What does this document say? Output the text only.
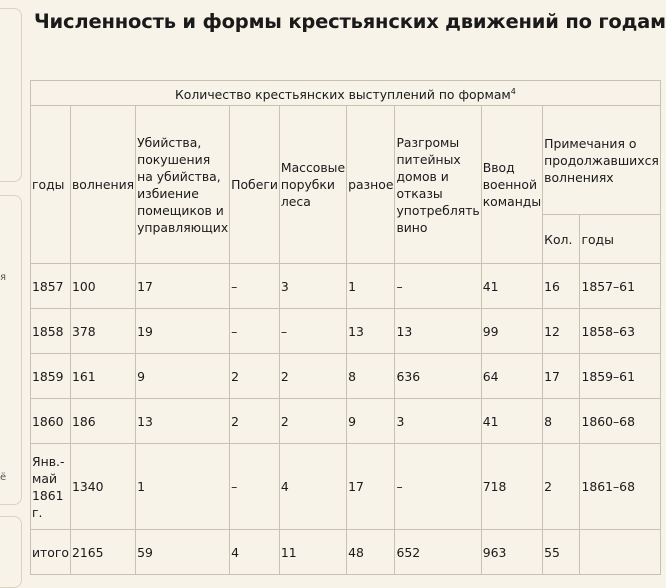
я
ё
Численность и формы крестьянских движений по годам
Количество крестьянских выступлений по формам$^4$
годы	волнения	Убийства, покушения на убийства, избиение помещиков и управляющих	Побеги	Массовые порубки леса	разное	Разгромы питейных домов и отказы употреблять вино	Ввод военной команды	Примечания о продолжавшихся волнениях	
								Кол.	годы
1857	100	17	–	3	1	–	41	16	1857–61
1858	378	19	–	–	13	13	99	12	1858–63
1859	161	9	2	2	8	636	64	17	1859–61
1860	186	13	2	2	9	3	41	8	1860–68
Янв.-май 1861 г.	1340	1	–	4	17	–	718	2	1861–68
итого	2165	59	4	11	48	652	963	55	
